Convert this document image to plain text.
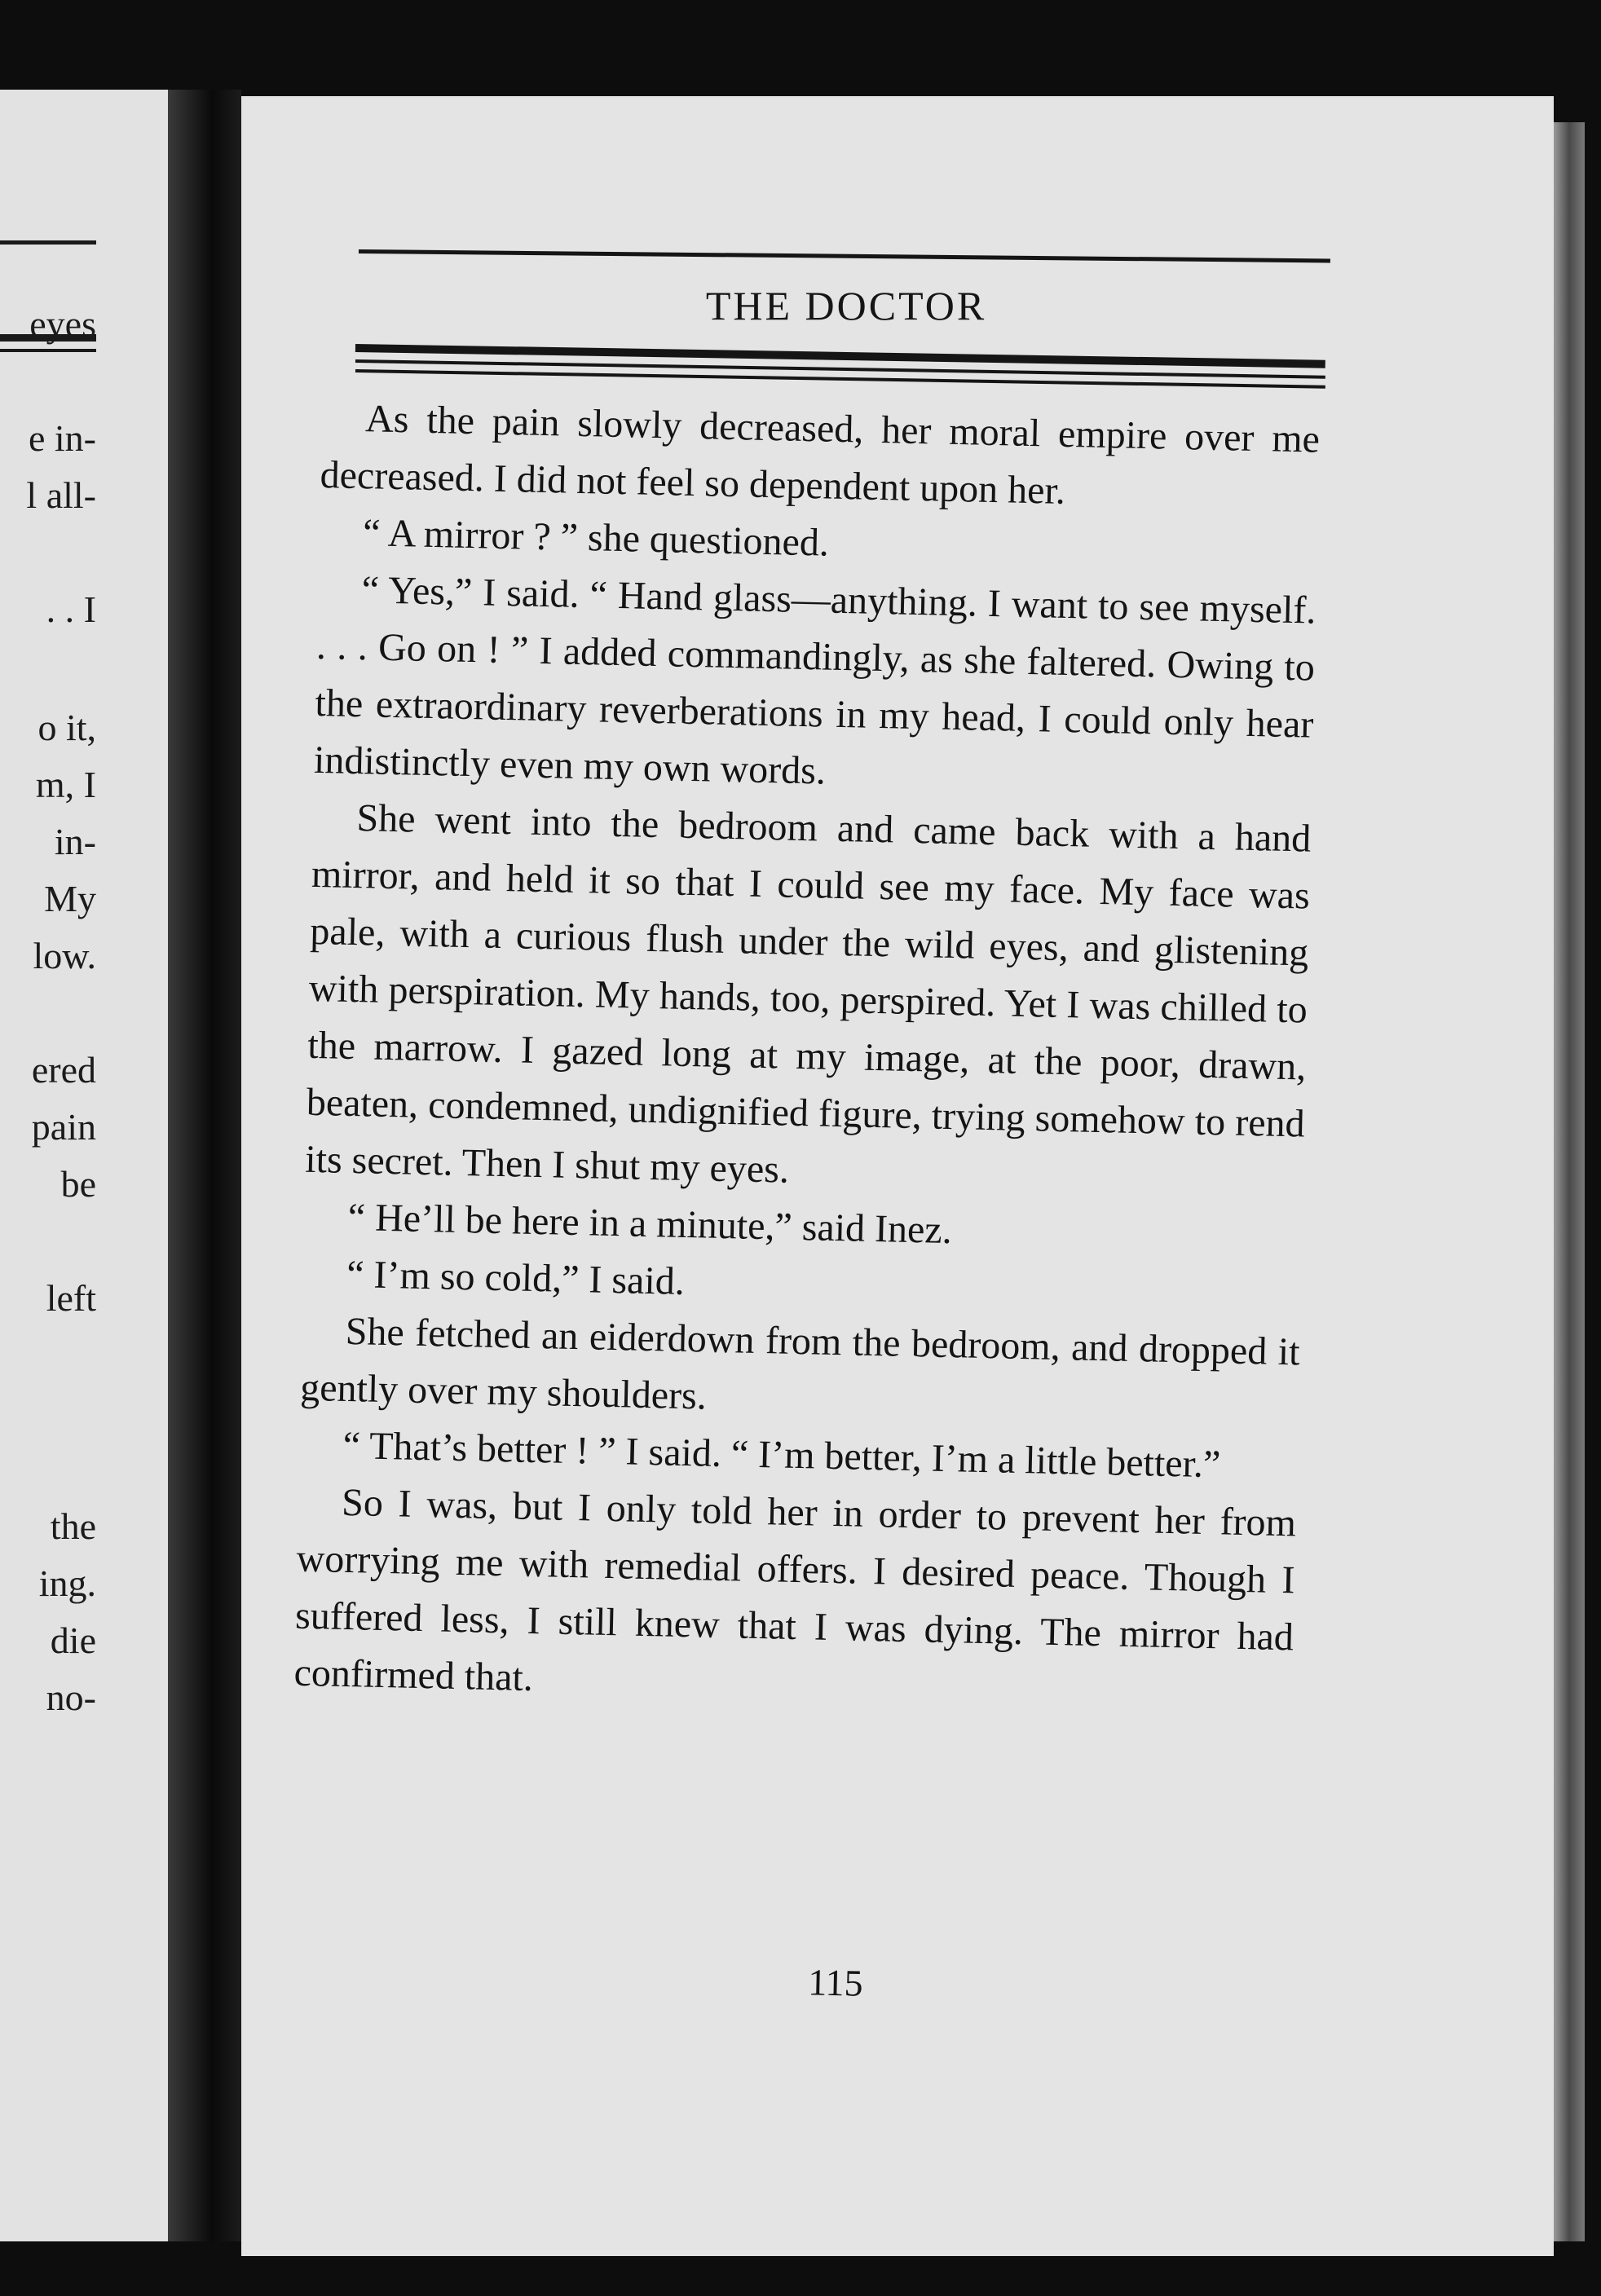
eyes
e in-
l all-
. . I
o it,
m, I
in-
My
low.
ered
pain
be
left
the
ing.
die
no-
THE DOCTOR

As the pain slowly decreased, her moral empire over me decreased. I did not feel so dependent upon her.

“ A mirror ? ” she questioned.

“ Yes,” I said. “ Hand glass—anything. I want to see myself. . . . Go on ! ” I added commandingly, as she faltered. Owing to the extraordinary reverberations in my head, I could only hear indistinctly even my own words.

She went into the bedroom and came back with a hand mirror, and held it so that I could see my face. My face was pale, with a curious flush under the wild eyes, and glistening with perspiration. My hands, too, perspired. Yet I was chilled to the marrow. I gazed long at my image, at the poor, drawn, beaten, condemned, undignified figure, trying somehow to rend its secret. Then I shut my eyes.

“ He’ll be here in a minute,” said Inez.

“ I’m so cold,” I said.

She fetched an eiderdown from the bedroom, and dropped it gently over my shoulders.

“ That’s better ! ” I said. “ I’m better, I’m a little better.”

So I was, but I only told her in order to prevent her from worrying me with remedial offers. I desired peace. Though I suffered less, I still knew that I was dying. The mirror had confirmed that.

115
